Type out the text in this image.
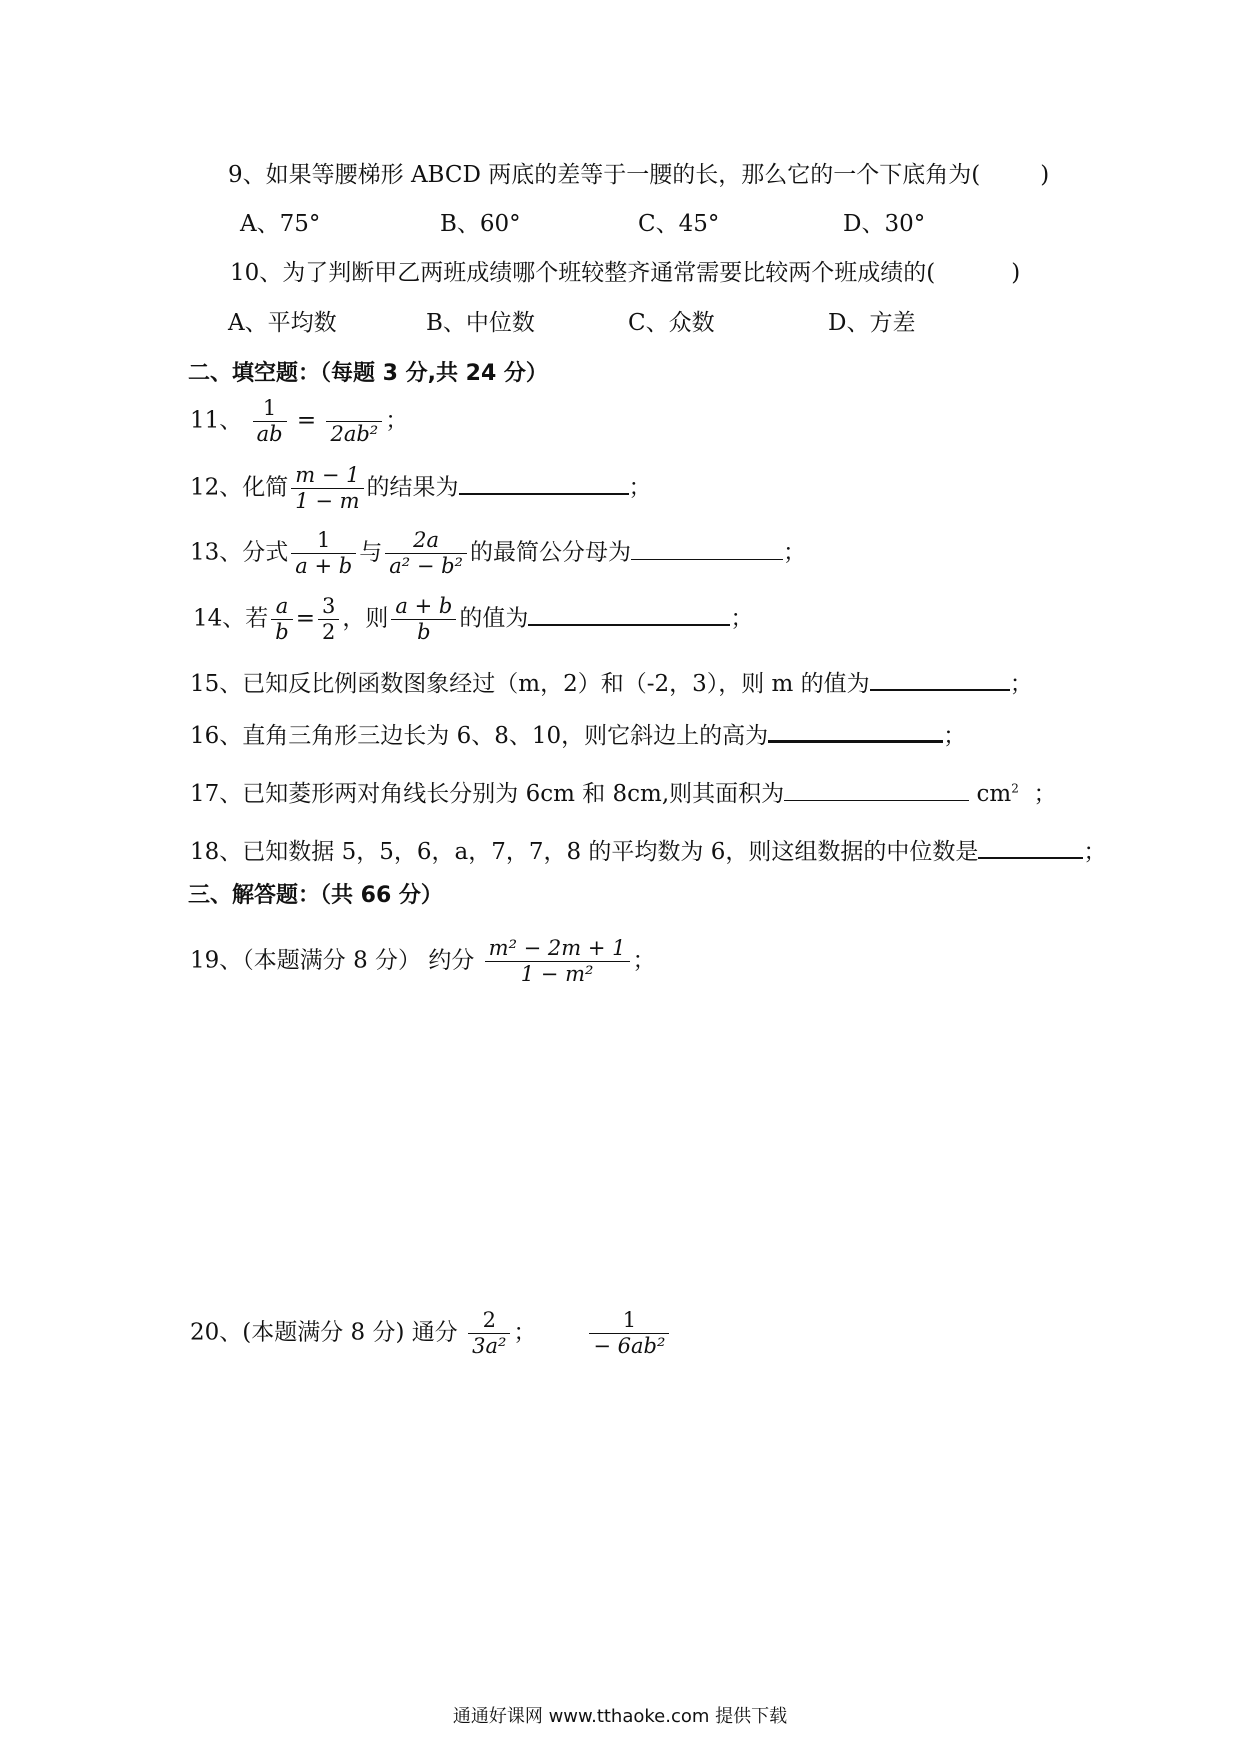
9、如果等腰梯形 ABCD 两底的差等于一腰的长，那么它的一个下底角为(	)
A、75°	B、60°	C、45°	D、30°
10、为了判断甲乙两班成绩哪个班较整齐通常需要比较两个班成绩的(	)
A、平均数	B、中位数	C、众数	D、方差
二、填空题：（每题 3 分,共 24 分）
11、 $\frac{1}{ab} = 2ab^2$ ；
12、化简 $\frac{m - 1}{1 - m}$ 的结果为	；
13、分式 $\frac{1}{a + b}$ 与 $\frac{2a}{\text{a² − b²}}$ 的最简公分母为	；
14、若 $\frac{a}{b} = \frac{3}{2}$ ，则 $\frac{a + b}{b}$ 的值为	；
15、已知反比例函数图象经过（m，2）和（-2，3），则 m 的值为	；
16、直角三角形三边长为 6、8、10，则它斜边上的高为	；
17、已知菱形两对角线长分别为 6cm 和 8cm,则其面积为	$cm^2$ ；
18、已知数据 5，5，6，a，7，7，8 的平均数为 6，则这组数据的中位数是	；
三、解答题：（共 66 分）
19、（本题满分 8 分） 约分 $\frac{\text{m² − 2m + 1}}{\text{1 − m²}}$ ；
20、(本题满分 8 分) 通分 $\frac{2}{\text{3a²}}$ ；	$\frac{1}{\text{− 6ab²}}$
通通好课网 www.tthaoke.com 提供下载
